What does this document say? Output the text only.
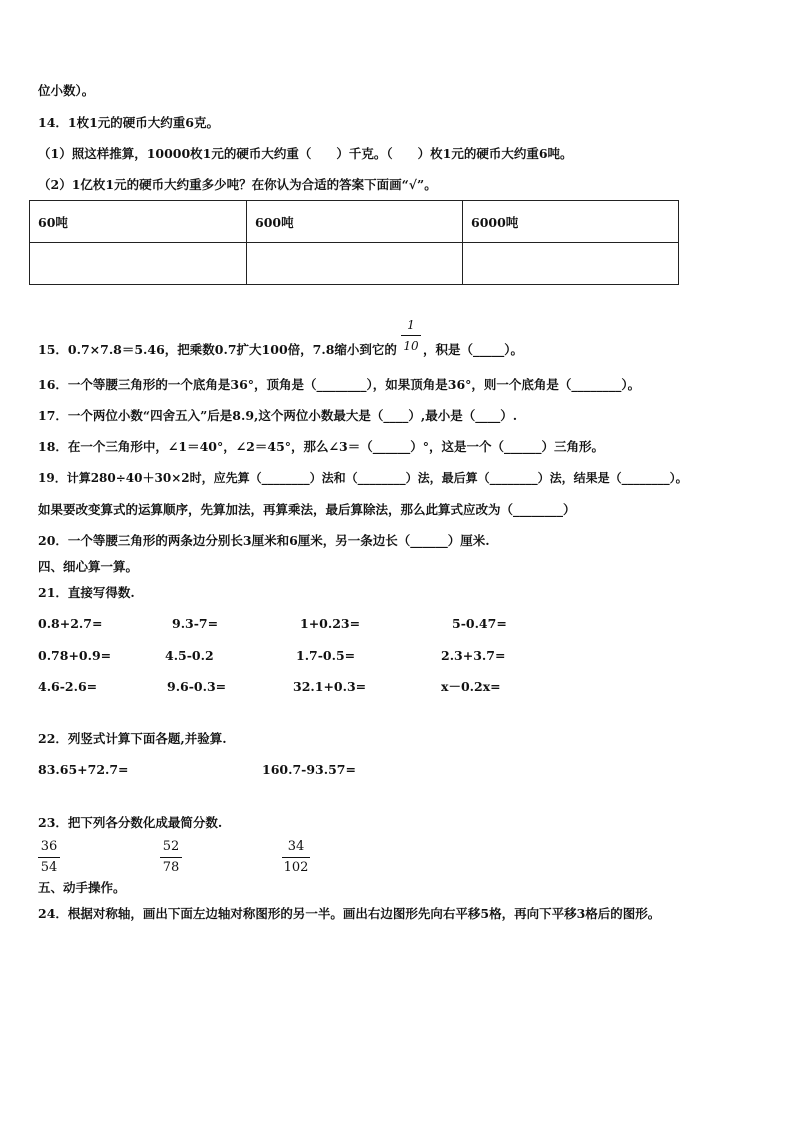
位小数）。
14．1枚1元的硬币大约重6克。
（1）照这样推算，10000枚1元的硬币大约重（　　）千克。（　　）枚1元的硬币大约重6吨。
（2）1亿枚1元的硬币大约重多少吨？在你认为合适的答案下面画“√”。
60吨	600吨	6000吨

15．0.7×7.8＝5.46，把乘数0.7扩大100倍，7.8缩小到它的 $\frac{1}{10}$ ，积是（_____）。
16．一个等腰三角形的一个底角是36°，顶角是（________），如果顶角是36°，则一个底角是（________）。
17．一个两位小数“四舍五入”后是8.9,这个两位小数最大是（____）,最小是（____）.
18．在一个三角形中，∠1＝40°，∠2＝45°，那么∠3＝（______）°，这是一个（______）三角形。
19．计算280÷40＋30×2时，应先算（________）法和（________）法，最后算（________）法，结果是（________）。
如果要改变算式的运算顺序，先算加法，再算乘法，最后算除法，那么此算式应改为（________）
20．一个等腰三角形的两条边分别长3厘米和6厘米，另一条边长（______）厘米.
四、细心算一算。
21．直接写得数.
0.8+2.7=	9.3-7=	1+0.23=	5-0.47=
0.78+0.9=	4.5-0.2	1.7-0.5=	2.3+3.7=
4.6-2.6=	9.6-0.3=	32.1+0.3=	x－0.2x=
22．列竖式计算下面各题,并验算.
83.65+72.7=	160.7-93.57=
23．把下列各分数化成最简分数.
$\frac{36}{54}$	$\frac{52}{78}$	$\frac{34}{102}$
五、动手操作。
24．根据对称轴，画出下面左边轴对称图形的另一半。画出右边图形先向右平移5格，再向下平移3格后的图形。
